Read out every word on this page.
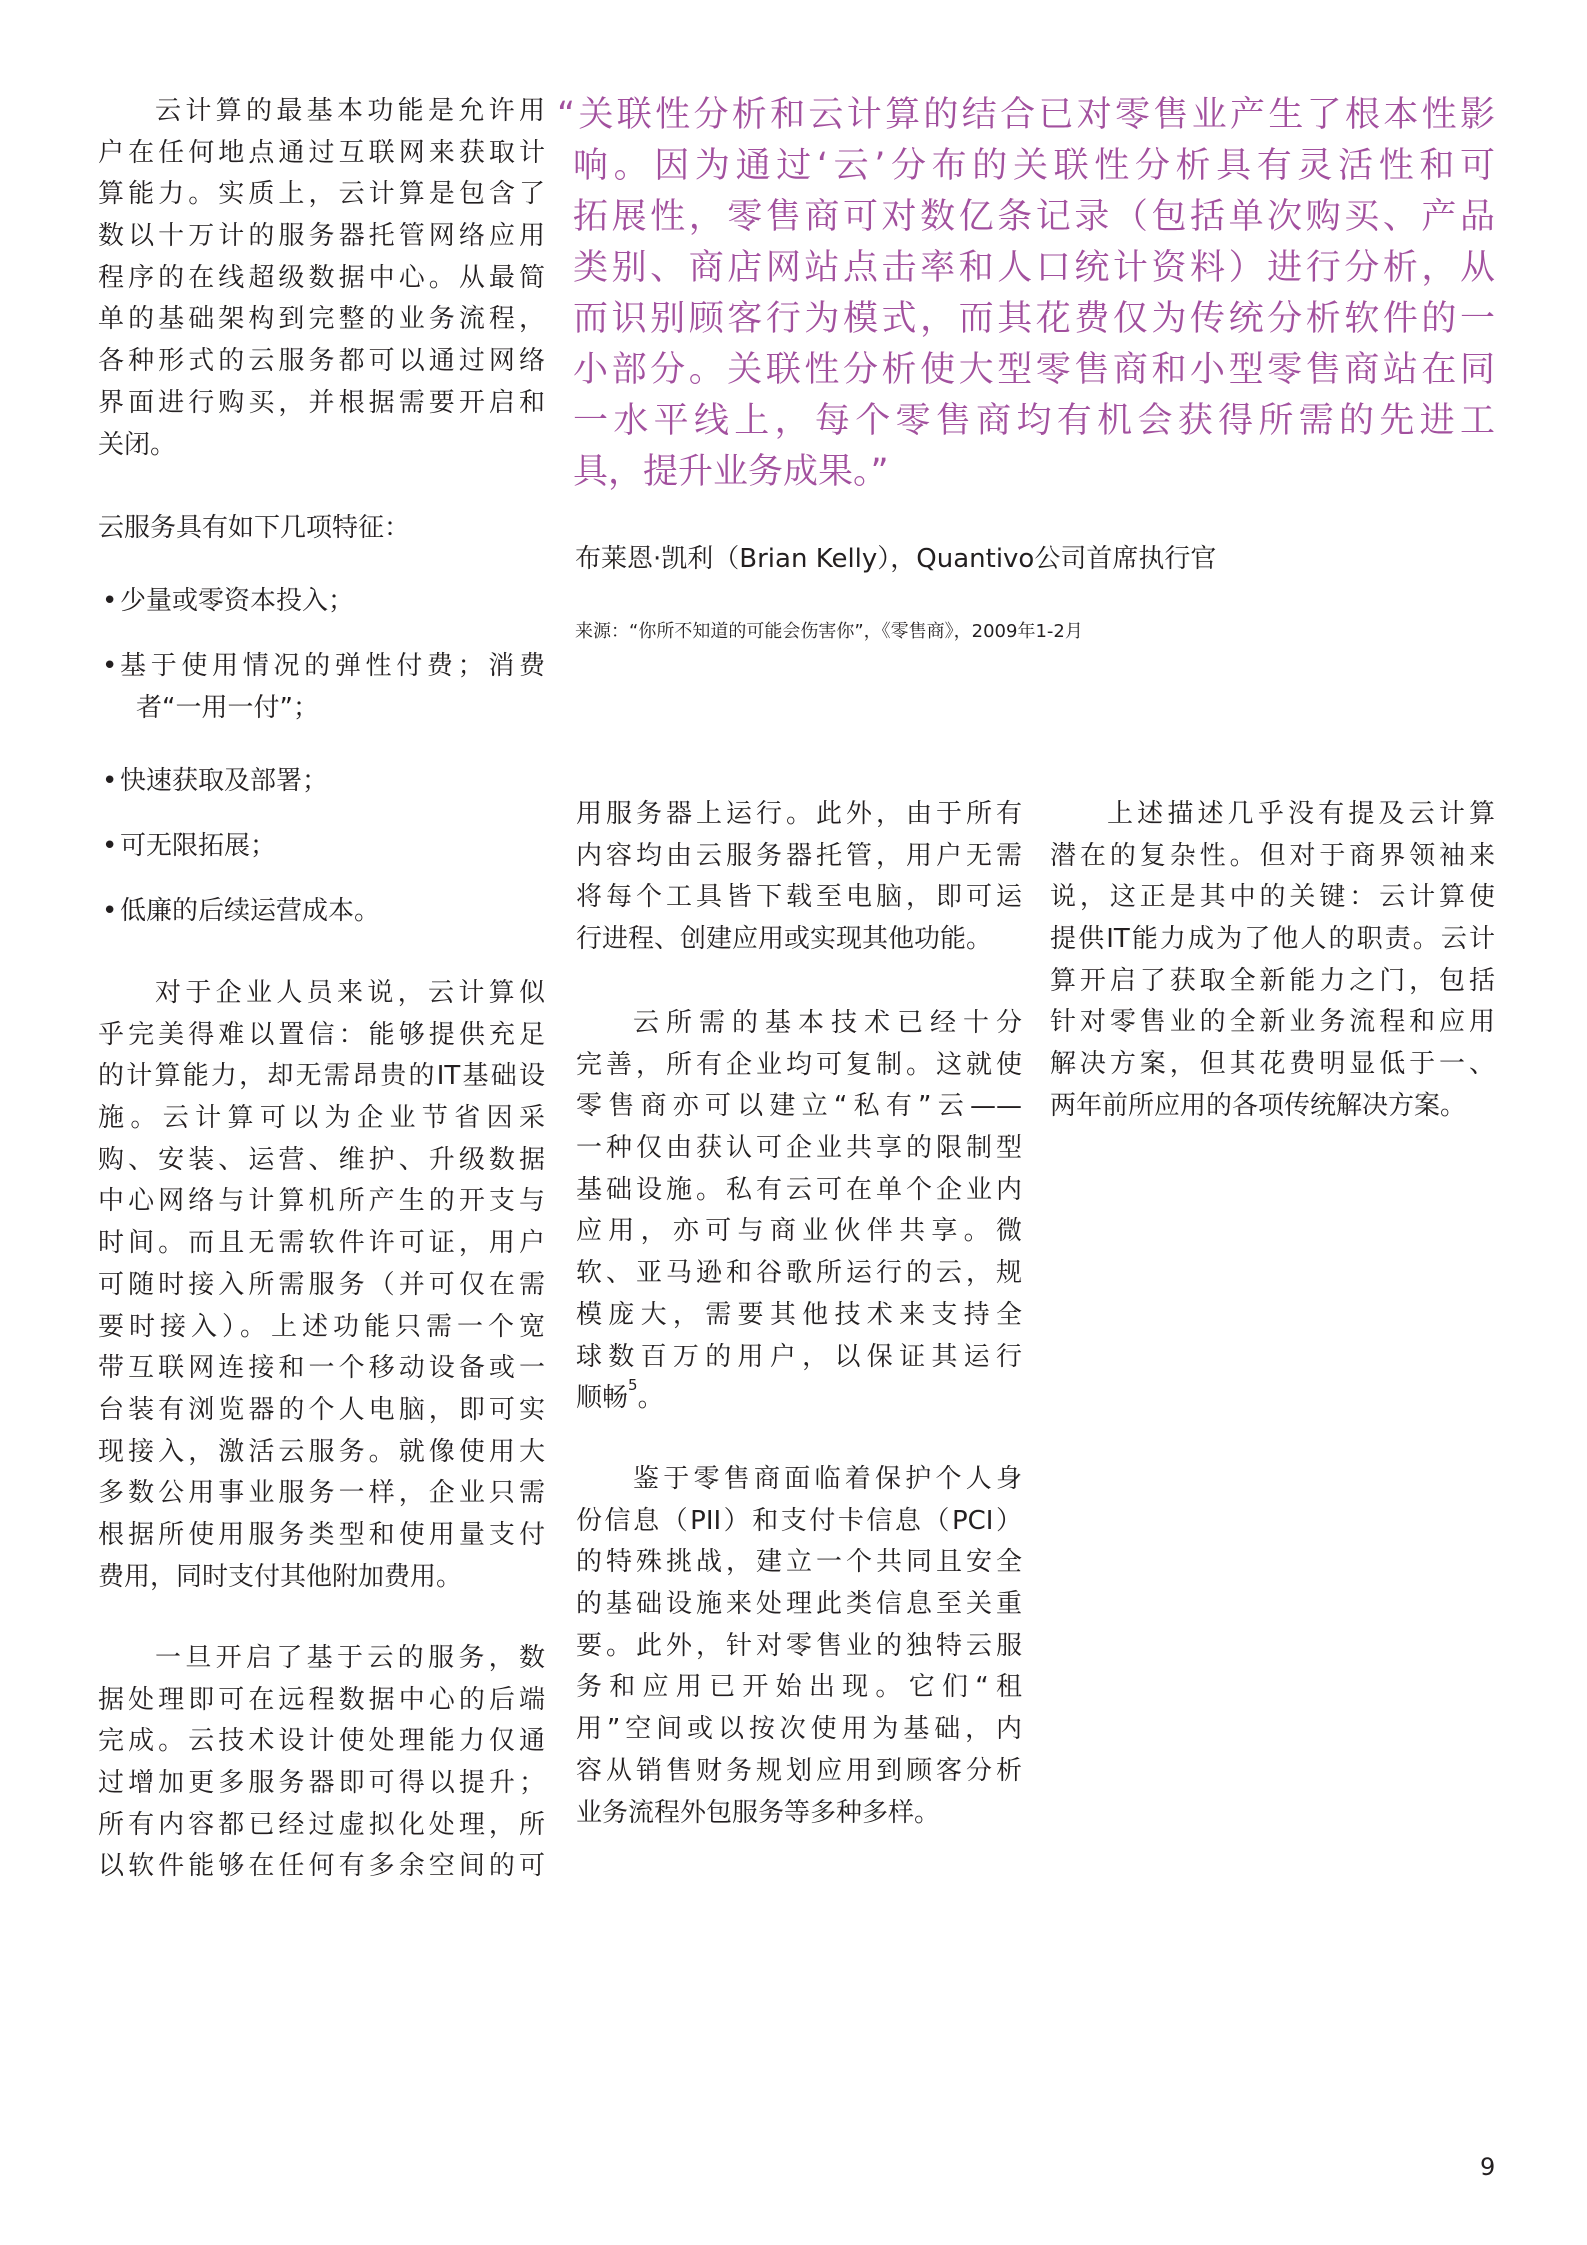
“关联性分析和云计算的结合已对零售业产生了根本性影
响。因为通过‘云’分布的关联性分析具有灵活性和可
拓展性，零售商可对数亿条记录（包括单次购买、产品
类别、商店网站点击率和人口统计资料）进行分析，从
而识别顾客行为模式，而其花费仅为传统分析软件的一
小部分。关联性分析使大型零售商和小型零售商站在同
一水平线上，每个零售商均有机会获得所需的先进工
具，提升业务成果。”
布莱恩·凯利（Brian Kelly），Quantivo公司首席执行官
来源：“你所不知道的可能会伤害你”，《零售商》，2009年1-2月
云计算的最基本功能是允许用
户在任何地点通过互联网来获取计
算能力。实质上，云计算是包含了
数以十万计的服务器托管网络应用
程序的在线超级数据中心。从最简
单的基础架构到完整的业务流程，
各种形式的云服务都可以通过网络
界面进行购买，并根据需要开启和
关闭。
云服务具有如下几项特征：
• 少量或零资本投入；
• 基于使用情况的弹性付费；消费
者“一用一付”；
• 快速获取及部署；
• 可无限拓展；
• 低廉的后续运营成本。
对于企业人员来说，云计算似
乎完美得难以置信：能够提供充足
的计算能力，却无需昂贵的IT基础设
施。云计算可以为企业节省因采
购、安装、运营、维护、升级数据
中心网络与计算机所产生的开支与
时间。而且无需软件许可证，用户
可随时接入所需服务（并可仅在需
要时接入）。上述功能只需一个宽
带互联网连接和一个移动设备或一
台装有浏览器的个人电脑，即可实
现接入，激活云服务。就像使用大
多数公用事业服务一样，企业只需
根据所使用服务类型和使用量支付
费用，同时支付其他附加费用。
一旦开启了基于云的服务，数
据处理即可在远程数据中心的后端
完成。云技术设计使处理能力仅通
过增加更多服务器即可得以提升；
所有内容都已经过虚拟化处理，所
以软件能够在任何有多余空间的可
用服务器上运行。此外，由于所有
内容均由云服务器托管，用户无需
将每个工具皆下载至电脑，即可运
行进程、创建应用或实现其他功能。
云所需的基本技术已经十分
完善，所有企业均可复制。这就使
零售商亦可以建立“私有”云——
一种仅由获认可企业共享的限制型
基础设施。私有云可在单个企业内
应用，亦可与商业伙伴共享。微
软、亚马逊和谷歌所运行的云，规
模庞大，需要其他技术来支持全
球数百万的用户，以保证其运行
顺畅$^5$。
鉴于零售商面临着保护个人身
份信息（PII）和支付卡信息（PCI）
的特殊挑战，建立一个共同且安全
的基础设施来处理此类信息至关重
要。此外，针对零售业的独特云服
务和应用已开始出现。它们“租
用”空间或以按次使用为基础，内
容从销售财务规划应用到顾客分析
业务流程外包服务等多种多样。
上述描述几乎没有提及云计算
潜在的复杂性。但对于商界领袖来
说，这正是其中的关键：云计算使
提供IT能力成为了他人的职责。云计
算开启了获取全新能力之门，包括
针对零售业的全新业务流程和应用
解决方案，但其花费明显低于一、
两年前所应用的各项传统解决方案。
9
